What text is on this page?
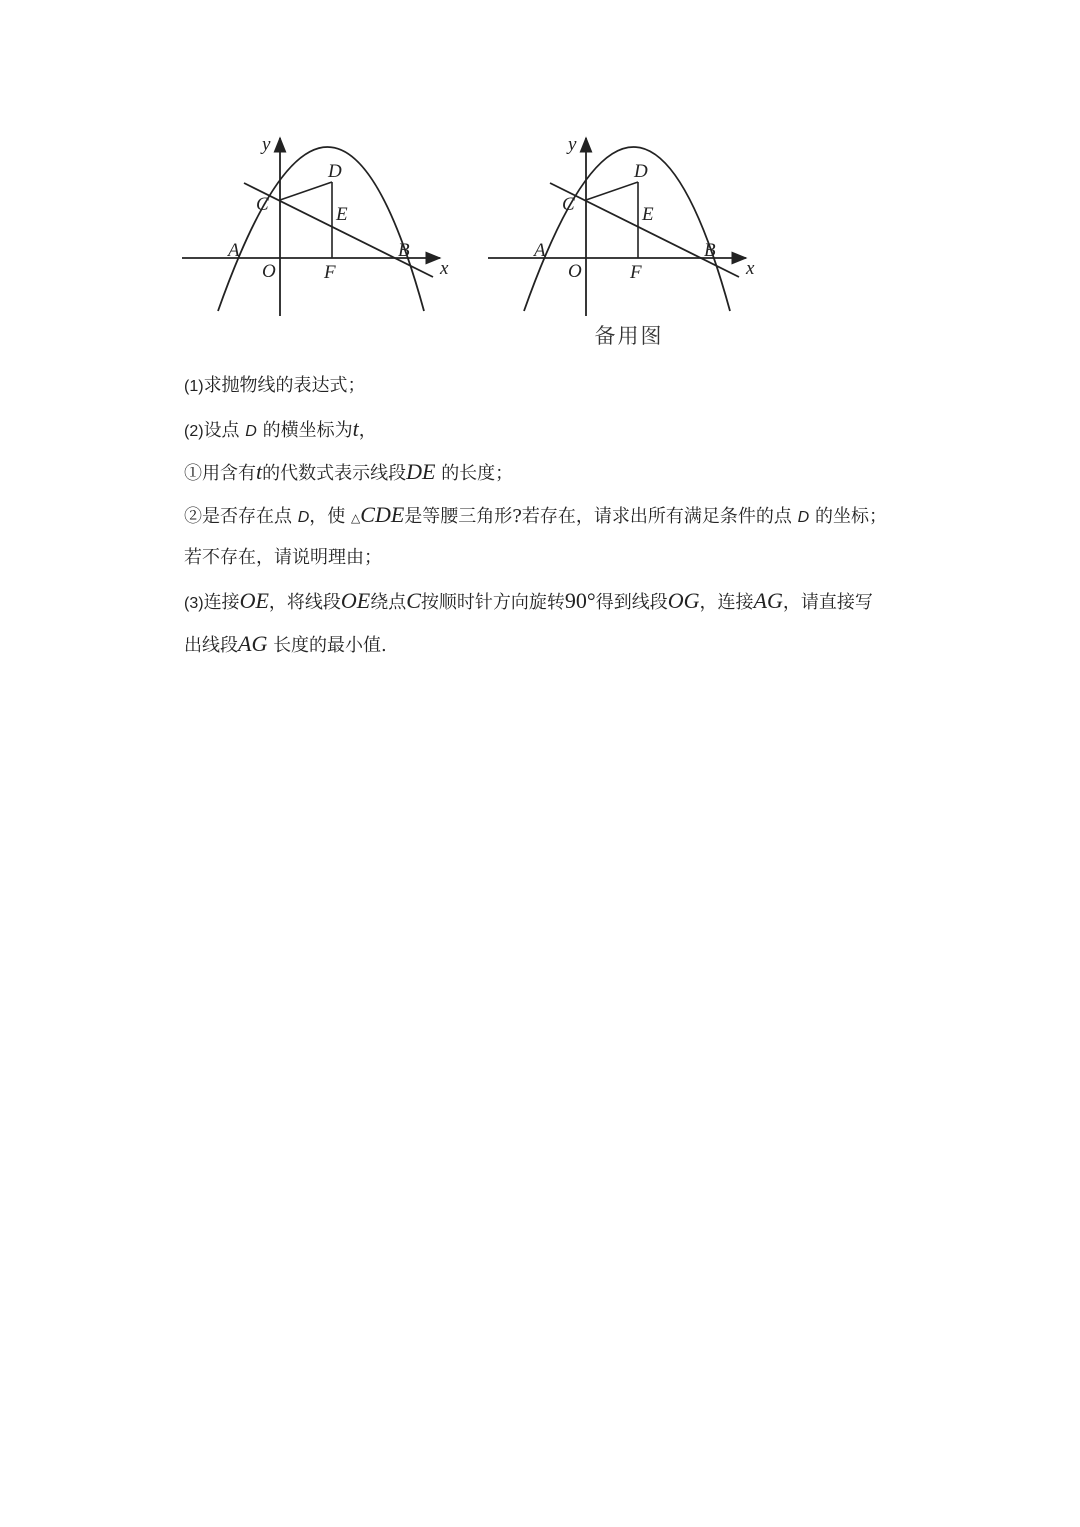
y
x
O
A	B
C
D
E
F
y
x
O
A	B
C
D
E
F
备用图
(1)求抛物线的表达式；
(2)设点 D 的横坐标为t，
①用含有t的代数式表示线段DE 的长度；
②是否存在点 D，使 △CDE是等腰三角形?若存在，请求出所有满足条件的点 D 的坐标；
若不存在，请说明理由；
(3)连接OE，将线段OE绕点C按顺时针方向旋转90°得到线段OG，连接AG，请直接写
出线段AG 长度的最小值.
